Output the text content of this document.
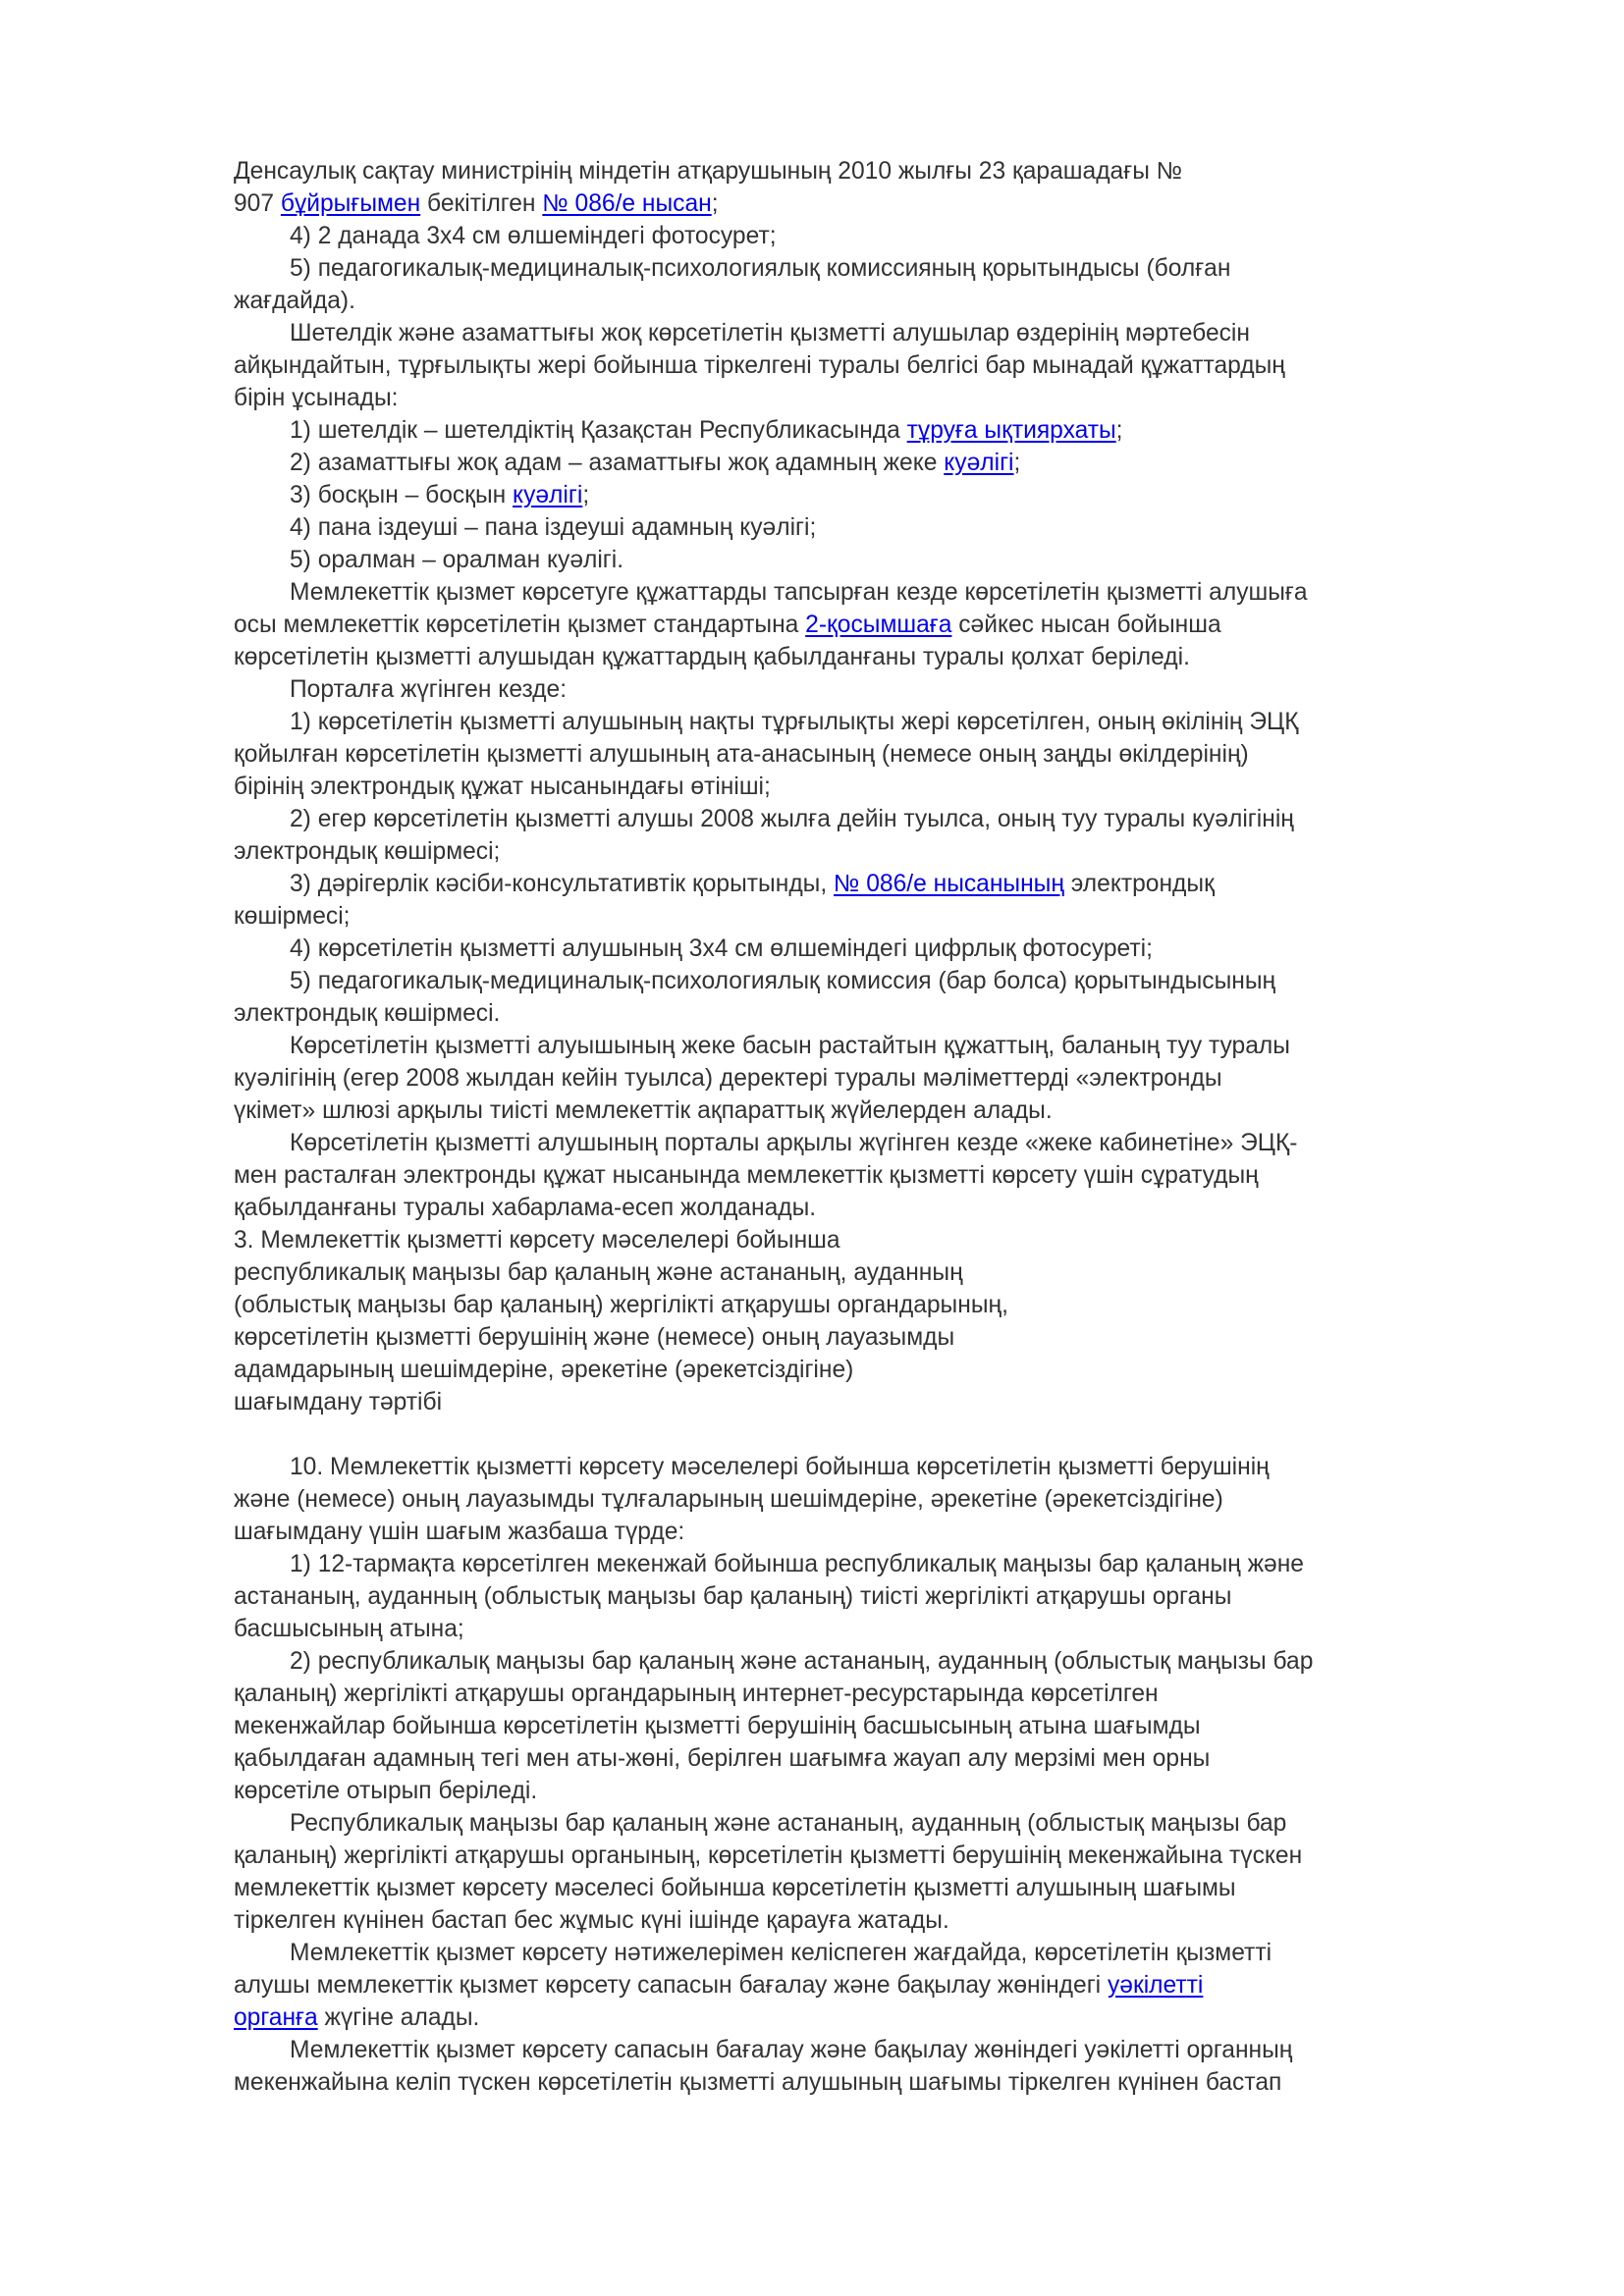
Денсаулық сақтау министрінің міндетін атқарушының 2010 жылғы 23 қарашадағы №
907 бұйрығымен бекітілген № 086/е нысан;
4) 2 данада 3х4 см өлшеміндегі фотосурет;
5) педагогикалық-медициналық-психологиялық комиссияның қорытындысы (болған
жағдайда).
Шетелдік және азаматтығы жоқ көрсетілетін қызметті алушылар өздерінің мәртебесін
айқындайтын, тұрғылықты жері бойынша тіркелгені туралы белгісі бар мынадай құжаттардың
бірін ұсынады:
1) шетелдік – шетелдіктің Қазақстан Республикасында тұруға ықтиярхаты;
2) азаматтығы жоқ адам – азаматтығы жоқ адамның жеке куәлігі;
3) босқын – босқын куәлігі;
4) пана іздеуші – пана іздеуші адамның куәлігі;
5) оралман – оралман куәлігі.
Мемлекеттік қызмет көрсетуге құжаттарды тапсырған кезде көрсетілетін қызметті алушыға
осы мемлекеттік көрсетілетін қызмет стандартына 2-қосымшаға сәйкес нысан бойынша
көрсетілетін қызметті алушыдан құжаттардың қабылданғаны туралы қолхат беріледі.
Порталға жүгінген кезде:
1) көрсетілетін қызметті алушының нақты тұрғылықты жері көрсетілген, оның өкілінің ЭЦҚ
қойылған көрсетілетін қызметті алушының ата-анасының (немесе оның заңды өкілдерінің)
бірінің электрондық құжат нысанындағы өтініші;
2) егер көрсетілетін қызметті алушы 2008 жылға дейін туылса, оның туу туралы куәлігінің
электрондық көшірмесі;
3) дәрігерлік кәсіби-консультативтік қорытынды, № 086/е нысанының электрондық
көшірмесі;
4) көрсетілетін қызметті алушының 3х4 см өлшеміндегі цифрлық фотосуреті;
5) педагогикалық-медициналық-психологиялық комиссия (бар болса) қорытындысының
электрондық көшірмесі.
Көрсетілетін қызметті алуышының жеке басын растайтын құжаттың, баланың туу туралы
куәлігінің (егер 2008 жылдан кейін туылса) деректері туралы мәліметтерді «электронды
үкімет» шлюзі арқылы тиісті мемлекеттік ақпараттық жүйелерден алады.
Көрсетілетін қызметті алушының порталы арқылы жүгінген кезде «жеке кабинетіне» ЭЦҚ-
мен расталған электронды құжат нысанында мемлекеттік қызметті көрсету үшін сұратудың
қабылданғаны туралы хабарлама-есеп жолданады.
3. Мемлекеттік қызметті көрсету мәселелері бойынша
республикалық маңызы бар қаланың және астананың, ауданның
(облыстық маңызы бар қаланың) жергілікті атқарушы органдарының,
көрсетілетін қызметті берушінің және (немесе) оның лауазымды
адамдарының шешімдеріне, әрекетіне (әрекетсіздігіне)
шағымдану тәртібі
10. Мемлекеттік қызметті көрсету мәселелері бойынша көрсетілетін қызметті берушінің
және (немесе) оның лауазымды тұлғаларының шешімдеріне, әрекетіне (әрекетсіздігіне)
шағымдану үшін шағым жазбаша түрде:
1) 12-тармақта көрсетілген мекенжай бойынша республикалық маңызы бар қаланың және
астананың, ауданның (облыстық маңызы бар қаланың) тиісті жергілікті атқарушы органы
басшысының атына;
2) республикалық маңызы бар қаланың және астананың, ауданның (облыстық маңызы бар
қаланың) жергілікті атқарушы органдарының интернет-ресурстарында көрсетілген
мекенжайлар бойынша көрсетілетін қызметті берушінің басшысының атына шағымды
қабылдаған адамның тегі мен аты-жөні, берілген шағымға жауап алу мерзімі мен орны
көрсетіле отырып беріледі.
Республикалық маңызы бар қаланың және астананың, ауданның (облыстық маңызы бар
қаланың) жергілікті атқарушы органының, көрсетілетін қызметті берушінің мекенжайына түскен
мемлекеттік қызмет көрсету мәселесі бойынша көрсетілетін қызметті алушының шағымы
тіркелген күнінен бастап бес жұмыс күні ішінде қарауға жатады.
Мемлекеттік қызмет көрсету нәтижелерімен келіспеген жағдайда, көрсетілетін қызметті
алушы мемлекеттік қызмет көрсету сапасын бағалау және бақылау жөніндегі уәкілетті
органға жүгіне алады.
Мемлекеттік қызмет көрсету сапасын бағалау және бақылау жөніндегі уәкілетті органның
мекенжайына келіп түскен көрсетілетін қызметті алушының шағымы тіркелген күнінен бастап
